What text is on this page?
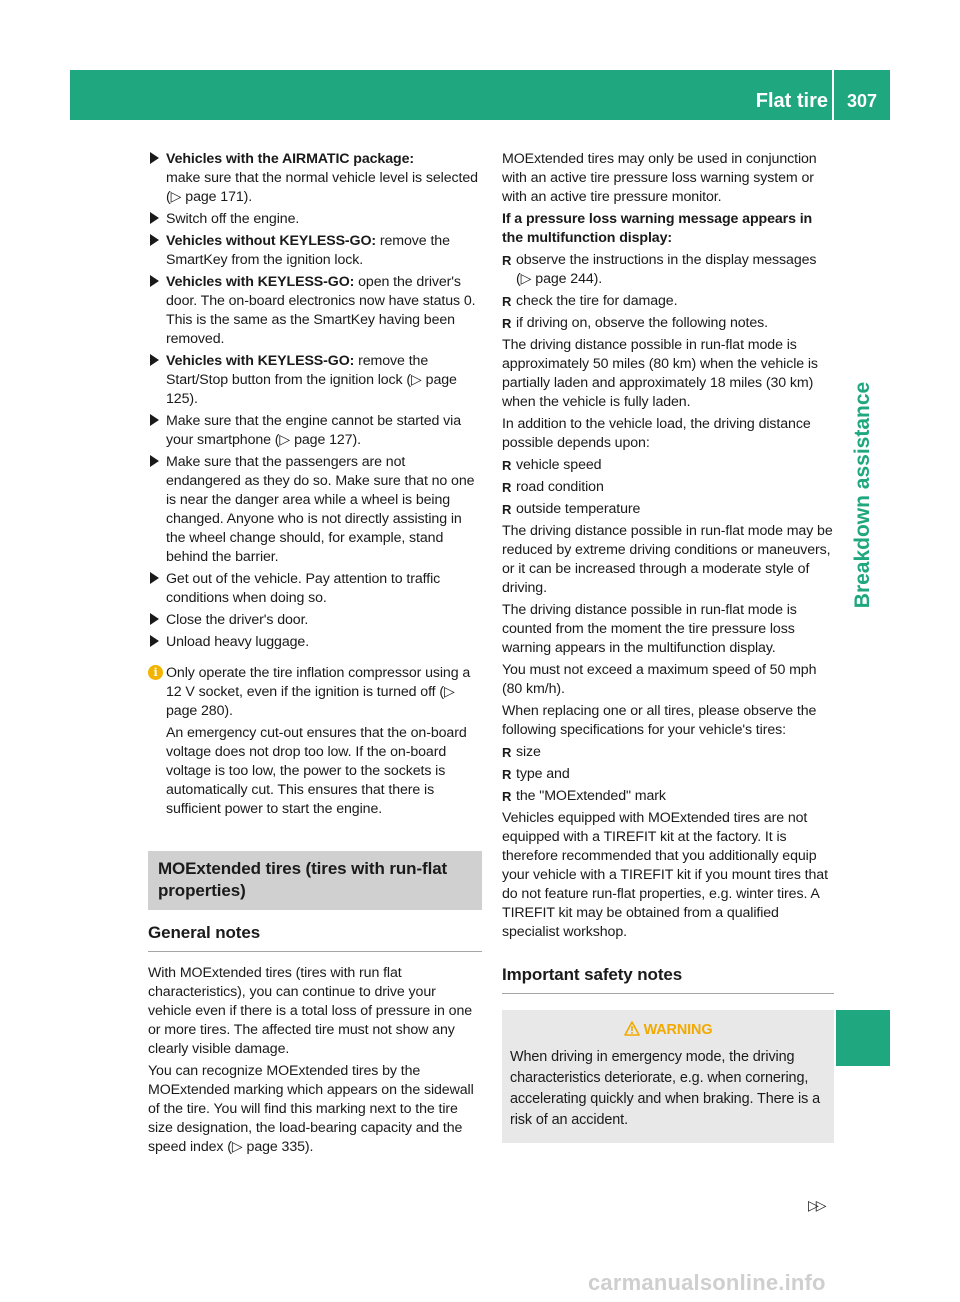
Flat tire	307
Breakdown assistance
Vehicles with the AIRMATIC package:
make sure that the normal vehicle level is selected (▷ page 171).
Switch off the engine.
Vehicles without KEYLESS-GO: remove the SmartKey from the ignition lock.
Vehicles with KEYLESS-GO: open the driver's door. The on-board electronics now have status 0. This is the same as the SmartKey having been removed.
Vehicles with KEYLESS-GO: remove the Start/Stop button from the ignition lock (▷ page 125).
Make sure that the engine cannot be started via your smartphone (▷ page 127).
Make sure that the passengers are not endangered as they do so. Make sure that no one is near the danger area while a wheel is being changed. Anyone who is not directly assisting in the wheel change should, for example, stand behind the barrier.
Get out of the vehicle. Pay attention to traffic conditions when doing so.
Close the driver's door.
Unload heavy luggage.
i Only operate the tire inflation compressor using a 12 V socket, even if the ignition is turned off (▷ page 280).

An emergency cut-out ensures that the on-board voltage does not drop too low. If the on-board voltage is too low, the power to the sockets is automatically cut. This ensures that there is sufficient power to start the engine.

MOExtended tires (tires with run-flat properties)
General notes

With MOExtended tires (tires with run flat characteristics), you can continue to drive your vehicle even if there is a total loss of pressure in one or more tires. The affected tire must not show any clearly visible damage.

You can recognize MOExtended tires by the MOExtended marking which appears on the sidewall of the tire. You will find this marking next to the tire size designation, the load-bearing capacity and the speed index (▷ page 335).

MOExtended tires may only be used in conjunction with an active tire pressure loss warning system or with an active tire pressure monitor.

If a pressure loss warning message appears in the multifunction display:

R observe the instructions in the display messages (▷ page 244).
R check the tire for damage.
R if driving on, observe the following notes.

The driving distance possible in run-flat mode is approximately 50 miles (80 km) when the vehicle is partially laden and approximately 18 miles (30 km) when the vehicle is fully laden.

In addition to the vehicle load, the driving distance possible depends upon:

R vehicle speed
R road condition
R outside temperature

The driving distance possible in run-flat mode may be reduced by extreme driving conditions or maneuvers, or it can be increased through a moderate style of driving.

The driving distance possible in run-flat mode is counted from the moment the tire pressure loss warning appears in the multifunction display.

You must not exceed a maximum speed of 50 mph (80 km/h).

When replacing one or all tires, please observe the following specifications for your vehicle's tires:

R size
R type and
R the "MOExtended" mark

Vehicles equipped with MOExtended tires are not equipped with a TIREFIT kit at the factory. It is therefore recommended that you additionally equip your vehicle with a TIREFIT kit if you mount tires that do not feature run-flat properties, e.g. winter tires. A TIREFIT kit may be obtained from a qualified specialist workshop.

Important safety notes
WARNING

When driving in emergency mode, the driving characteristics deteriorate, e.g. when cornering, accelerating quickly and when braking. There is a risk of an accident.

▷▷
carmanualsonline.info
